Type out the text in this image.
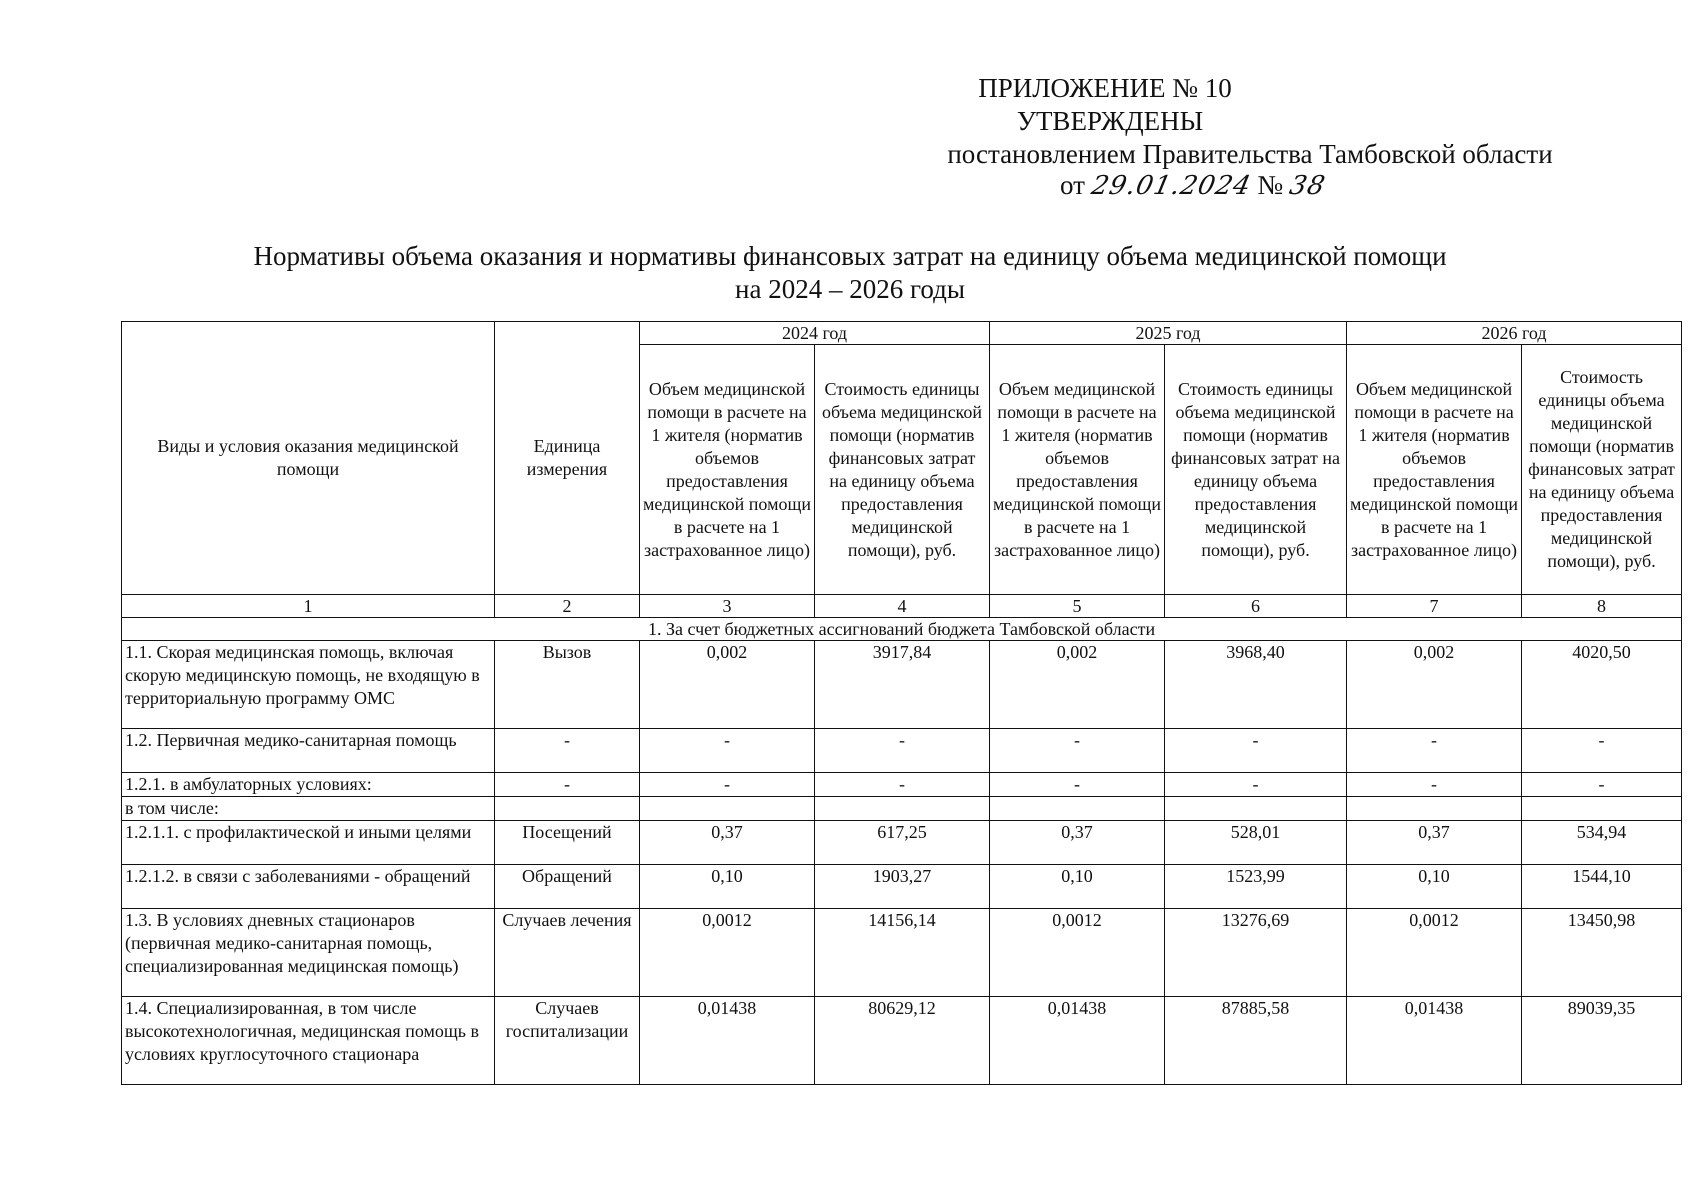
ПРИЛОЖЕНИЕ № 10
УТВЕРЖДЕНЫ
постановлением Правительства Тамбовской области
от 29.01.2024 № 38
Нормативы объема оказания и нормативы финансовых затрат на единицу объема медицинской помощи
на 2024 – 2026 годы
Виды и условия оказания медицинской помощи	Единица измерения	2024 год		2025 год		2026 год	
		Объем медицинской помощи в расчете на 1 жителя (норматив объемов предоставления медицинской помощи в расчете на 1 застрахованное лицо)	Стоимость единицы объема медицинской помощи (норматив финансовых затрат на единицу объема предоставления медицинской помощи), руб.	Объем медицинской помощи в расчете на 1 жителя (норматив объемов предоставления медицинской помощи в расчете на 1 застрахованное лицо)	Стоимость единицы объема медицинской помощи (норматив финансовых затрат на единицу объема предоставления медицинской помощи), руб.	Объем медицинской помощи в расчете на 1 жителя (норматив объемов предоставления медицинской помощи в расчете на 1 застрахованное лицо)	Стоимость единицы объема медицинской помощи (норматив финансовых затрат на единицу объема предоставления медицинской помощи), руб.
1	2	3	4	5	6	7	8
1. За счет бюджетных ассигнований бюджета Тамбовской области							
1.1. Скорая медицинская помощь, включая скорую медицинскую помощь, не входящую в территориальную программу ОМС	Вызов	0,002	3917,84	0,002	3968,40	0,002	4020,50
1.2. Первичная медико-санитарная помощь	-	-	-	-	-	-	-
1.2.1. в амбулаторных условиях:	-	-	-	-	-	-	-
в том числе:							
1.2.1.1. с профилактической и иными целями	Посещений	0,37	617,25	0,37	528,01	0,37	534,94
1.2.1.2. в связи с заболеваниями - обращений	Обращений	0,10	1903,27	0,10	1523,99	0,10	1544,10
1.3. В условиях дневных стационаров (первичная медико-санитарная помощь, специализированная медицинская помощь)	Случаев лечения	0,0012	14156,14	0,0012	13276,69	0,0012	13450,98
1.4. Специализированная, в том числе высокотехнологичная, медицинская помощь в условиях круглосуточного стационара	Случаев госпитализации	0,01438	80629,12	0,01438	87885,58	0,01438	89039,35
